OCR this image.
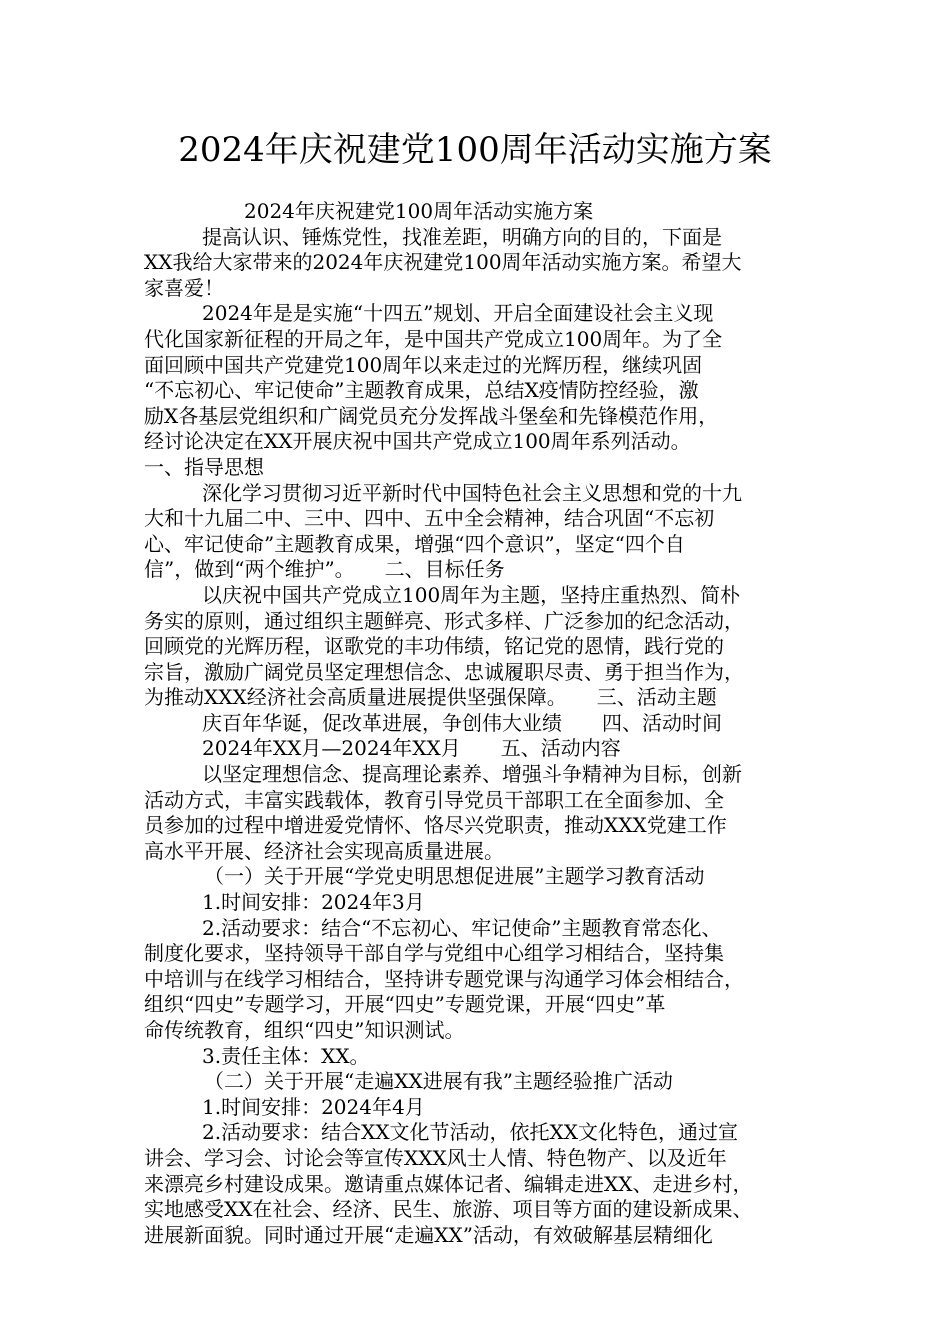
2024年庆祝建党100周年活动实施方案
2024年庆祝建党100周年活动实施方案
提高认识、锤炼党性，找准差距，明确方向的目的，下面是
XX我给大家带来的2024年庆祝建党100周年活动实施方案。希望大
家喜爱！
2024年是是实施“十四五”规划、开启全面建设社会主义现
代化国家新征程的开局之年，是中国共产党成立100周年。为了全
面回顾中国共产党建党100周年以来走过的光辉历程，继续巩固
“不忘初心、牢记使命”主题教育成果，总结X疫情防控经验，激
励X各基层党组织和广阔党员充分发挥战斗堡垒和先锋模范作用，
经讨论决定在XX开展庆祝中国共产党成立100周年系列活动。
一、指导思想
深化学习贯彻习近平新时代中国特色社会主义思想和党的十九
大和十九届二中、三中、四中、五中全会精神，结合巩固“不忘初
心、牢记使命”主题教育成果，增强“四个意识”，坚定“四个自
信”，做到“两个维护”。　　二、目标任务
以庆祝中国共产党成立100周年为主题，坚持庄重热烈、简朴
务实的原则，通过组织主题鲜亮、形式多样、广泛参加的纪念活动，
回顾党的光辉历程，讴歌党的丰功伟绩，铭记党的恩情，践行党的
宗旨，激励广阔党员坚定理想信念、忠诚履职尽责、勇于担当作为，
为推动XXX经济社会高质量进展提供坚强保障。　　三、活动主题
庆百年华诞，促改革进展，争创伟大业绩　　四、活动时间
2024年XX月—2024年XX月　　五、活动内容
以坚定理想信念、提高理论素养、增强斗争精神为目标，创新
活动方式，丰富实践载体，教育引导党员干部职工在全面参加、全
员参加的过程中增进爱党情怀、恪尽兴党职责，推动XXX党建工作
高水平开展、经济社会实现高质量进展。
（一）关于开展“学党史明思想促进展”主题学习教育活动
1.时间安排：2024年3月
2.活动要求：结合“不忘初心、牢记使命”主题教育常态化、
制度化要求，坚持领导干部自学与党组中心组学习相结合，坚持集
中培训与在线学习相结合，坚持讲专题党课与沟通学习体会相结合，
组织“四史”专题学习，开展“四史”专题党课，开展“四史”革
命传统教育，组织“四史”知识测试。
3.责任主体：XX。
（二）关于开展“走遍XX进展有我”主题经验推广活动
1.时间安排：2024年4月
2.活动要求：结合XX文化节活动，依托XX文化特色，通过宣
讲会、学习会、讨论会等宣传XXX风士人情、特色物产、以及近年
来漂亮乡村建设成果。邀请重点媒体记者、编辑走进XX、走进乡村，
实地感受XX在社会、经济、民生、旅游、项目等方面的建设新成果、
进展新面貌。同时通过开展“走遍XX”活动，有效破解基层精细化
